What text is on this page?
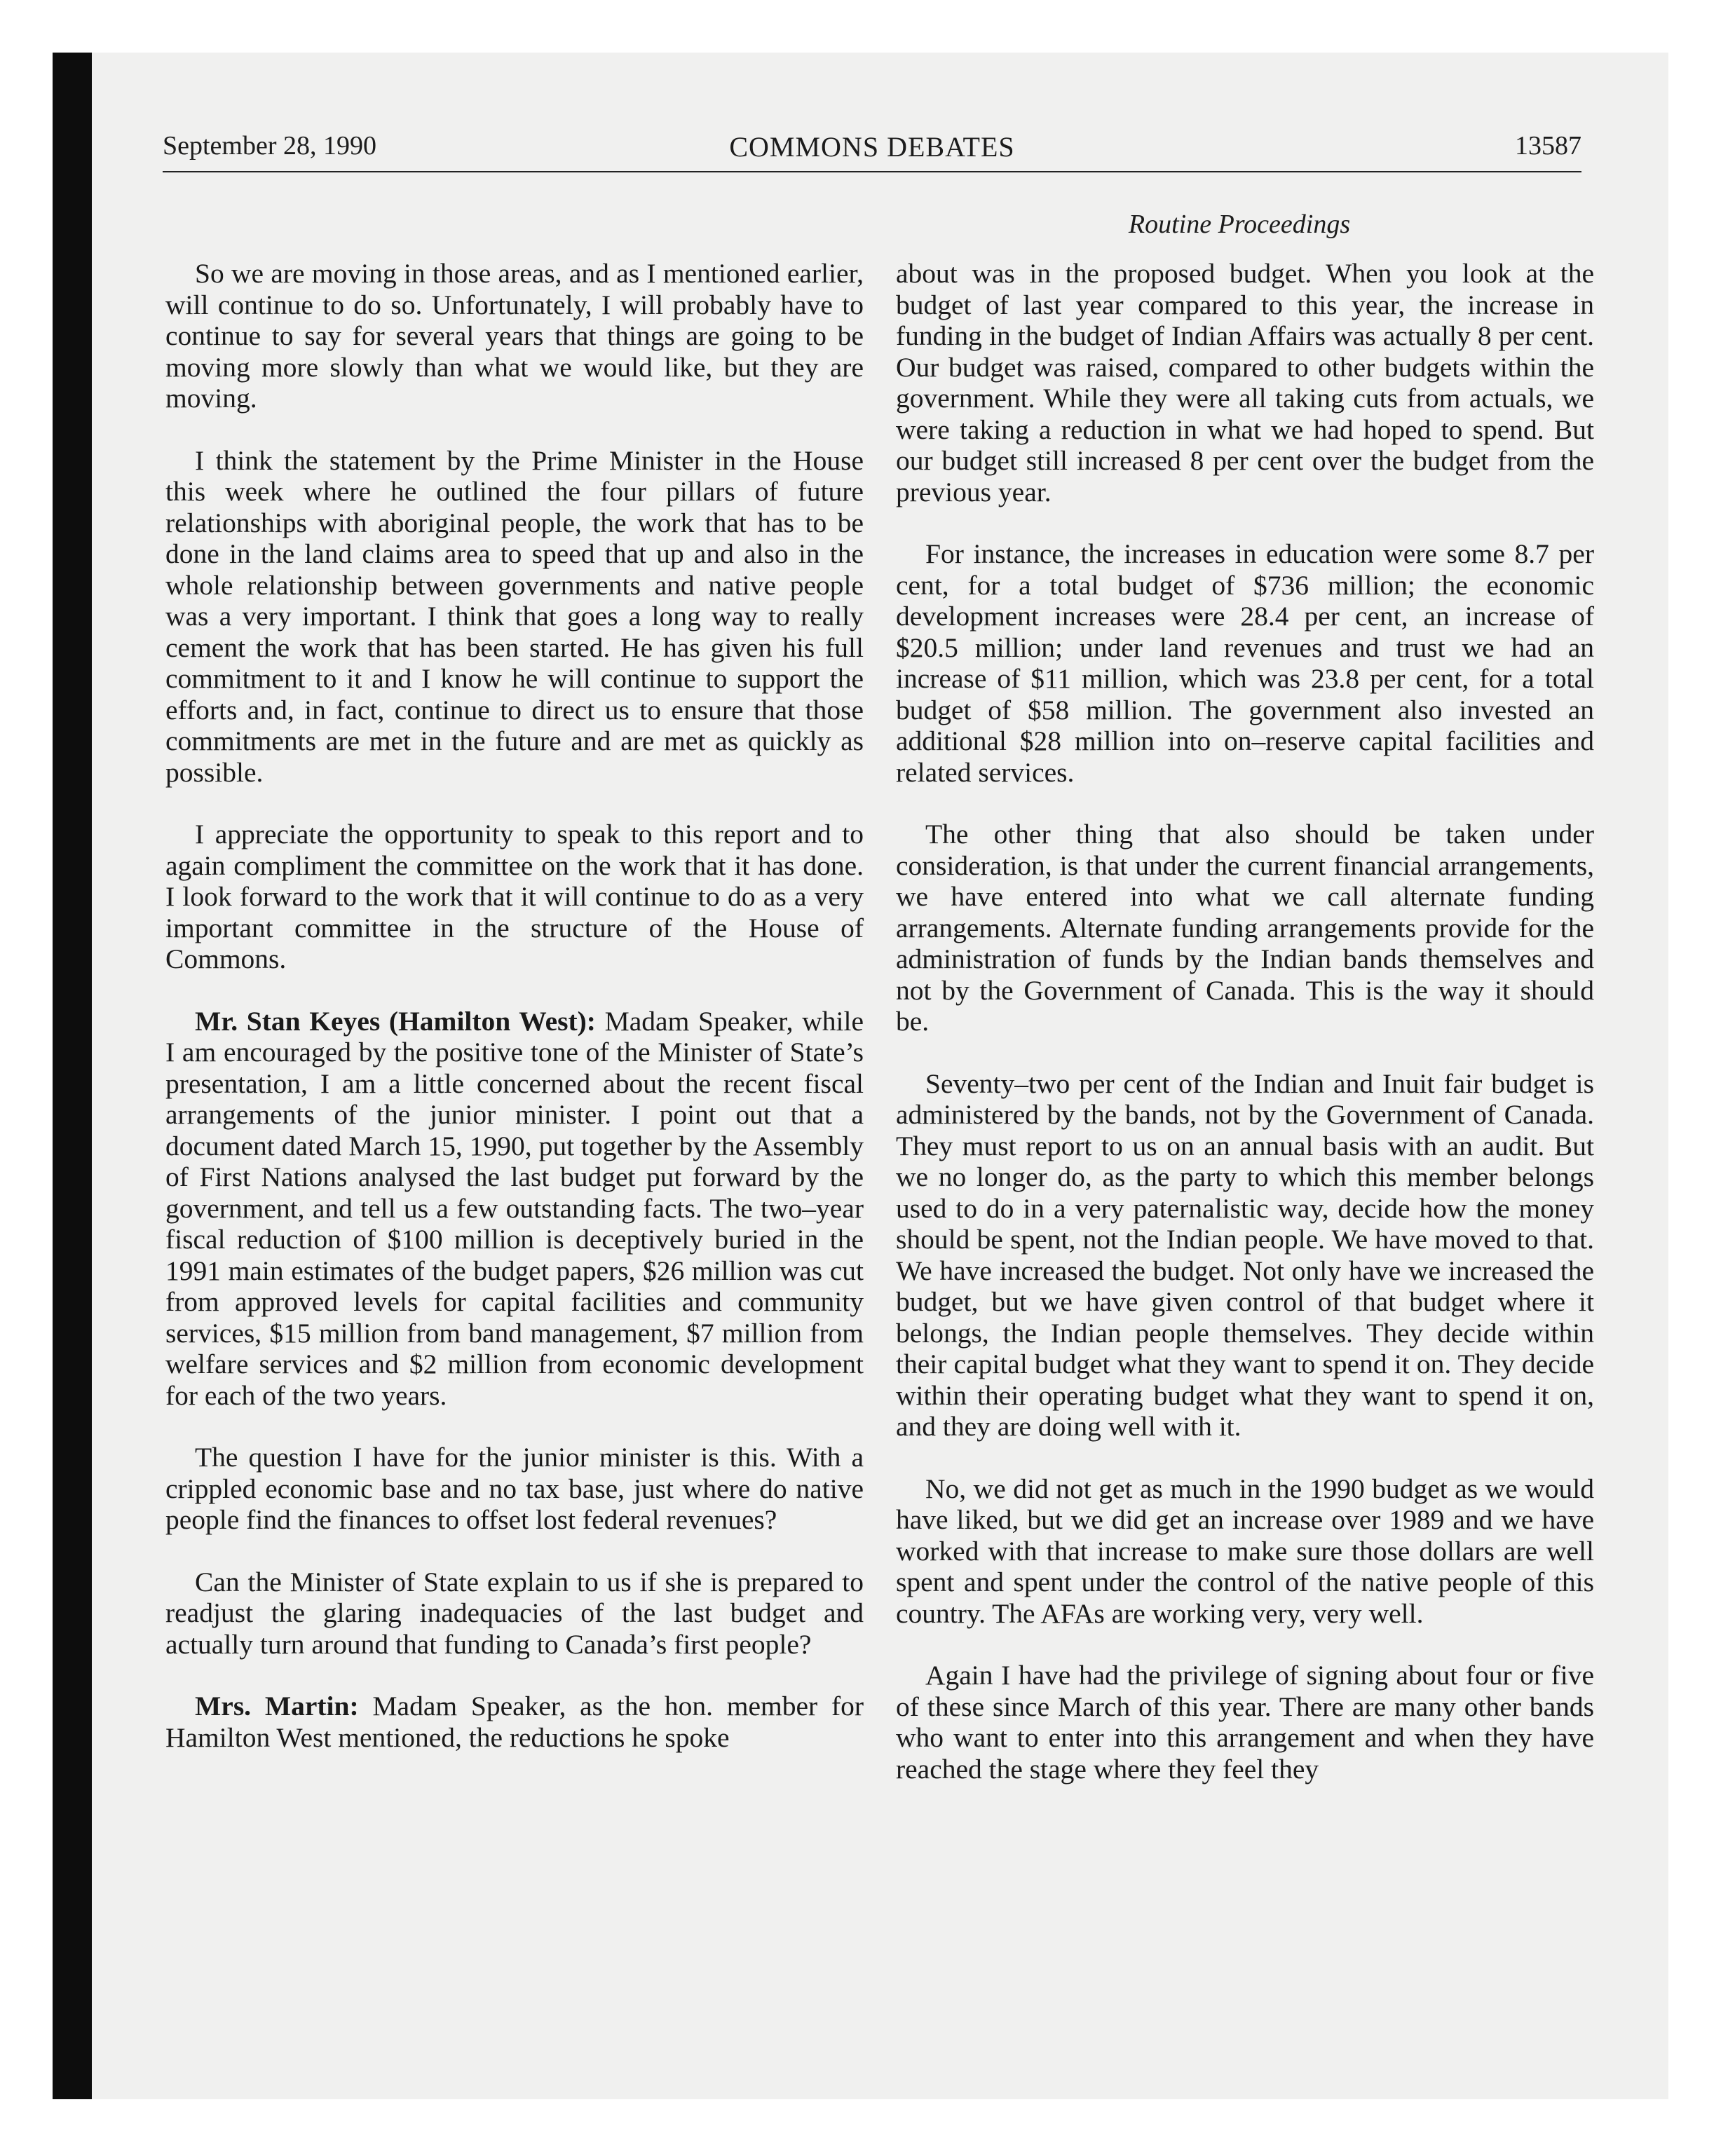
September 28, 1990	COMMONS DEBATES	13587
Routine Proceedings

So we are moving in those areas, and as I mentioned earlier, will continue to do so. Unfortunately, I will probably have to continue to say for several years that things are going to be moving more slowly than what we would like, but they are moving.

I think the statement by the Prime Minister in the House this week where he outlined the four pillars of future relationships with aboriginal people, the work that has to be done in the land claims area to speed that up and also in the whole relationship between governments and native people was a very important. I think that goes a long way to really cement the work that has been started. He has given his full commitment to it and I know he will continue to support the efforts and, in fact, continue to direct us to ensure that those commitments are met in the future and are met as quickly as possible.

I appreciate the opportunity to speak to this report and to again compliment the committee on the work that it has done. I look forward to the work that it will continue to do as a very important committee in the structure of the House of Commons.

Mr. Stan Keyes (Hamilton West): Madam Speaker, while I am encouraged by the positive tone of the Minister of State’s presentation, I am a little concerned about the recent fiscal arrangements of the junior minister. I point out that a document dated March 15, 1990, put together by the Assembly of First Nations analysed the last budget put forward by the government, and tell us a few outstanding facts. The two–year fiscal reduction of $100 million is deceptively buried in the 1991 main estimates of the budget papers, $26 million was cut from approved levels for capital facilities and community services, $15 million from band management, $7 million from welfare services and $2 million from economic development for each of the two years.

The question I have for the junior minister is this. With a crippled economic base and no tax base, just where do native people find the finances to offset lost federal revenues?

Can the Minister of State explain to us if she is prepared to readjust the glaring inadequacies of the last budget and actually turn around that funding to Canada’s first people?

Mrs. Martin: Madam Speaker, as the hon. member for Hamilton West mentioned, the reductions he spoke

about was in the proposed budget. When you look at the budget of last year compared to this year, the increase in funding in the budget of Indian Affairs was actually 8 per cent. Our budget was raised, compared to other budgets within the government. While they were all taking cuts from actuals, we were taking a reduction in what we had hoped to spend. But our budget still increased 8 per cent over the budget from the previous year.

For instance, the increases in education were some 8.7 per cent, for a total budget of $736 million; the economic development increases were 28.4 per cent, an increase of $20.5 million; under land revenues and trust we had an increase of $11 million, which was 23.8 per cent, for a total budget of $58 million. The government also invested an additional $28 million into on–reserve capital facilities and related services.

The other thing that also should be taken under consideration, is that under the current financial arrangements, we have entered into what we call alternate funding arrangements. Alternate funding arrangements provide for the administration of funds by the Indian bands themselves and not by the Government of Canada. This is the way it should be.

Seventy–two per cent of the Indian and Inuit fair budget is administered by the bands, not by the Government of Canada. They must report to us on an annual basis with an audit. But we no longer do, as the party to which this member belongs used to do in a very paternalistic way, decide how the money should be spent, not the Indian people. We have moved to that. We have increased the budget. Not only have we increased the budget, but we have given control of that budget where it belongs, the Indian people themselves. They decide within their capital budget what they want to spend it on. They decide within their operating budget what they want to spend it on, and they are doing well with it.

No, we did not get as much in the 1990 budget as we would have liked, but we did get an increase over 1989 and we have worked with that increase to make sure those dollars are well spent and spent under the control of the native people of this country. The AFAs are working very, very well.

Again I have had the privilege of signing about four or five of these since March of this year. There are many other bands who want to enter into this arrangement and when they have reached the stage where they feel they
